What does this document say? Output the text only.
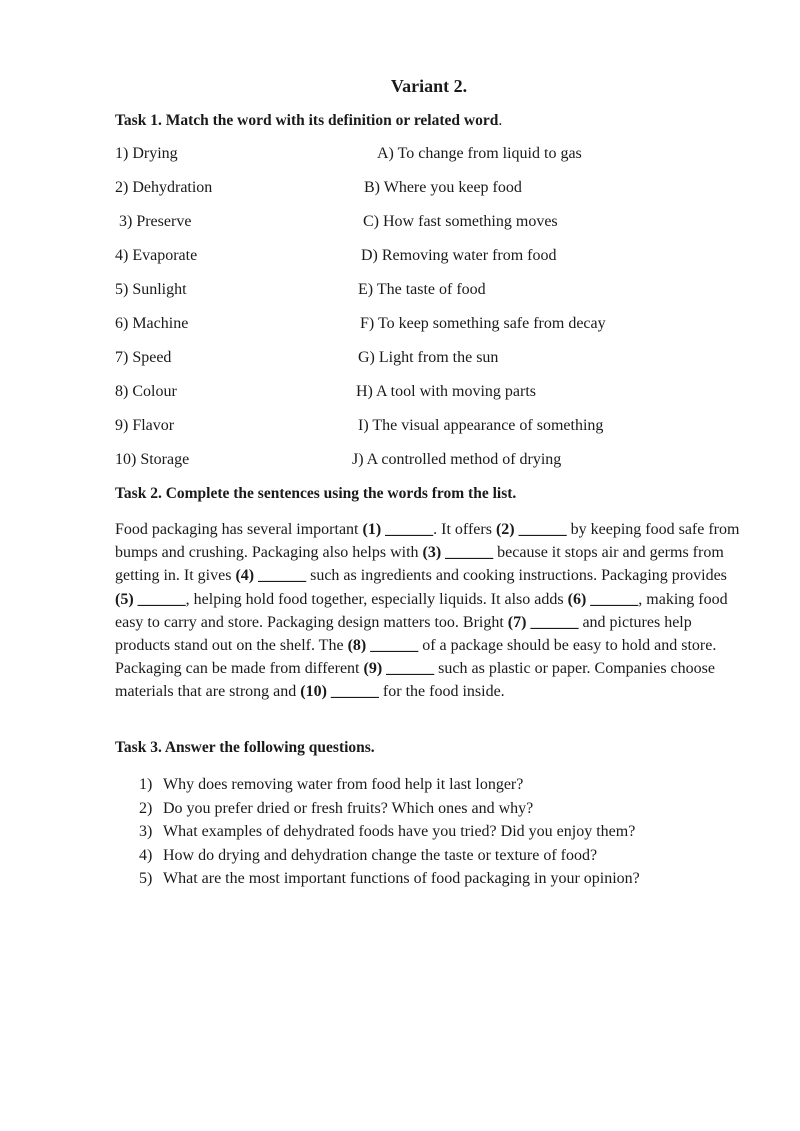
Variant 2.
Task 1. Match the word with its definition or related word.
1) Drying
2) Dehydration
3) Preserve
4) Evaporate
5) Sunlight
6) Machine
7) Speed
8) Colour
9) Flavor
10) Storage
A) To change from liquid to gas
B) Where you keep food
C) How fast something moves
D) Removing water from food
E) The taste of food
F) To keep something safe from decay
G) Light from the sun
H) A tool with moving parts
I) The visual appearance of something
J) A controlled method of drying
Task 2. Complete the sentences using the words from the list.
Food packaging has several important (1) ______. It offers (2) ______ by keeping food safe from bumps and crushing. Packaging also helps with (3) ______ because it stops air and germs from getting in. It gives (4) ______ such as ingredients and cooking instructions. Packaging provides (5) ______, helping hold food together, especially liquids. It also adds (6) ______, making food easy to carry and store. Packaging design matters too. Bright (7) ______ and pictures help products stand out on the shelf. The (8) ______ of a package should be easy to hold and store. Packaging can be made from different (9) ______ such as plastic or paper. Companies choose materials that are strong and (10) ______ for the food inside.
Task 3. Answer the following questions.
1) Why does removing water from food help it last longer?
2) Do you prefer dried or fresh fruits? Which ones and why?
3) What examples of dehydrated foods have you tried? Did you enjoy them?
4) How do drying and dehydration change the taste or texture of food?
5) What are the most important functions of food packaging in your opinion?
